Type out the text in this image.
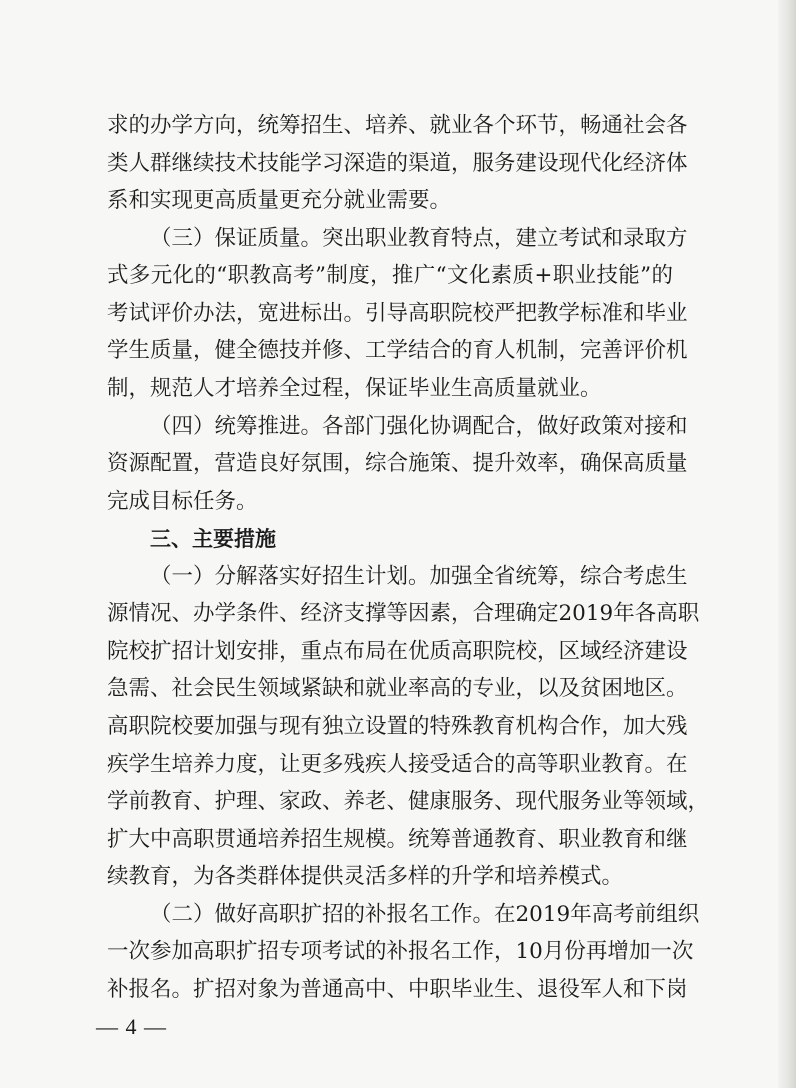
求的办学方向，统筹招生、培养、就业各个环节，畅通社会各
类人群继续技术技能学习深造的渠道，服务建设现代化经济体
系和实现更高质量更充分就业需要。
（三）保证质量。突出职业教育特点，建立考试和录取方
式多元化的“职教高考”制度，推广“文化素质+职业技能”的
考试评价办法，宽进标出。引导高职院校严把教学标准和毕业
学生质量，健全德技并修、工学结合的育人机制，完善评价机
制，规范人才培养全过程，保证毕业生高质量就业。
（四）统筹推进。各部门强化协调配合，做好政策对接和
资源配置，营造良好氛围，综合施策、提升效率，确保高质量
完成目标任务。
三、主要措施
（一）分解落实好招生计划。加强全省统筹，综合考虑生
源情况、办学条件、经济支撑等因素，合理确定2019年各高职
院校扩招计划安排，重点布局在优质高职院校，区域经济建设
急需、社会民生领域紧缺和就业率高的专业，以及贫困地区。
高职院校要加强与现有独立设置的特殊教育机构合作，加大残
疾学生培养力度，让更多残疾人接受适合的高等职业教育。在
学前教育、护理、家政、养老、健康服务、现代服务业等领域，
扩大中高职贯通培养招生规模。统筹普通教育、职业教育和继
续教育，为各类群体提供灵活多样的升学和培养模式。
（二）做好高职扩招的补报名工作。在2019年高考前组织
一次参加高职扩招专项考试的补报名工作，10月份再增加一次
补报名。扩招对象为普通高中、中职毕业生、退役军人和下岗
— 4 —
